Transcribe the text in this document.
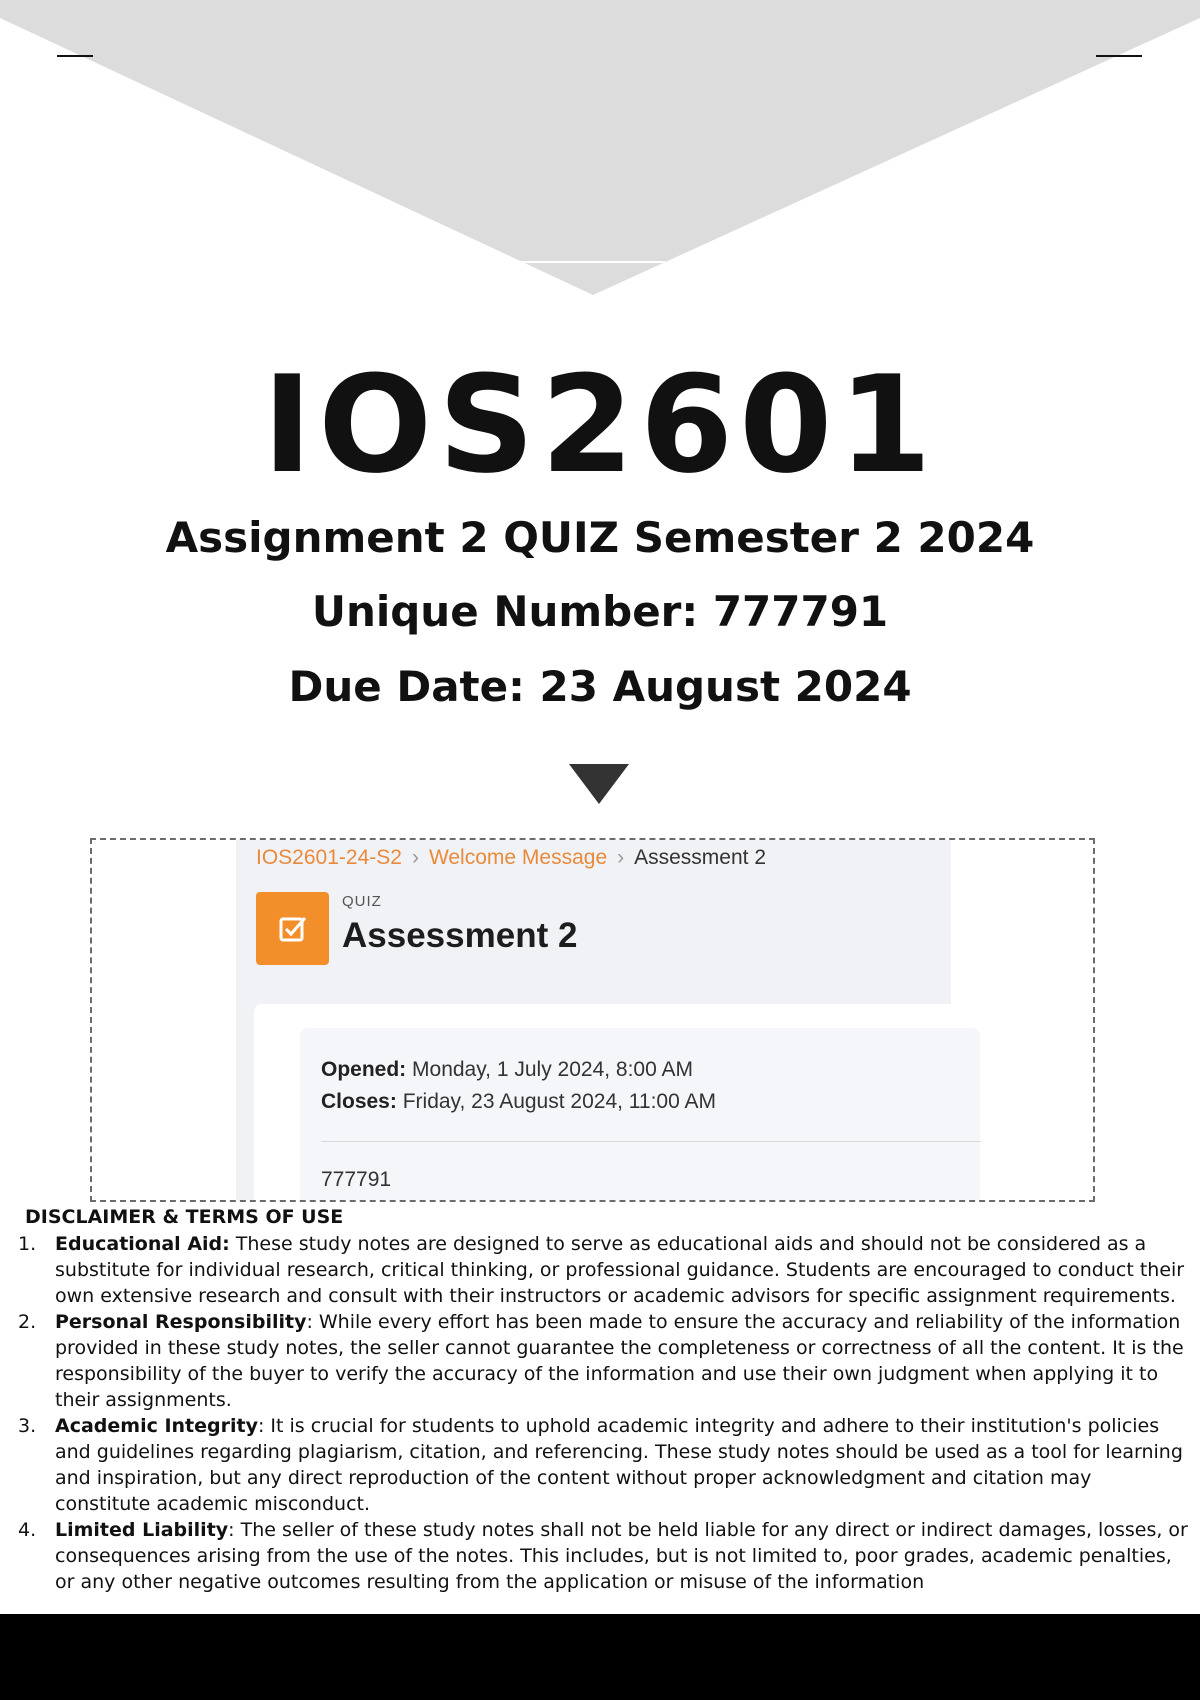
IOS2601
Assignment 2 QUIZ Semester 2 2024
Unique Number: 777791
Due Date: 23 August 2024
IOS2601-24-S2 › Welcome Message › Assessment 2
QUIZ
Assessment 2
Opened: Monday, 1 July 2024, 8:00 AM
Closes: Friday, 23 August 2024, 11:00 AM
777791
DISCLAIMER & TERMS OF USE
1. Educational Aid: These study notes are designed to serve as educational aids and should not be considered as a substitute for individual research, critical thinking, or professional guidance. Students are encouraged to conduct their own extensive research and consult with their instructors or academic advisors for specific assignment requirements.
2. Personal Responsibility: While every effort has been made to ensure the accuracy and reliability of the information provided in these study notes, the seller cannot guarantee the completeness or correctness of all the content. It is the responsibility of the buyer to verify the accuracy of the information and use their own judgment when applying it to their assignments.
3. Academic Integrity: It is crucial for students to uphold academic integrity and adhere to their institution's policies and guidelines regarding plagiarism, citation, and referencing. These study notes should be used as a tool for learning and inspiration, but any direct reproduction of the content without proper acknowledgment and citation may constitute academic misconduct.
4. Limited Liability: The seller of these study notes shall not be held liable for any direct or indirect damages, losses, or consequences arising from the use of the notes. This includes, but is not limited to, poor grades, academic penalties, or any other negative outcomes resulting from the application or misuse of the information
